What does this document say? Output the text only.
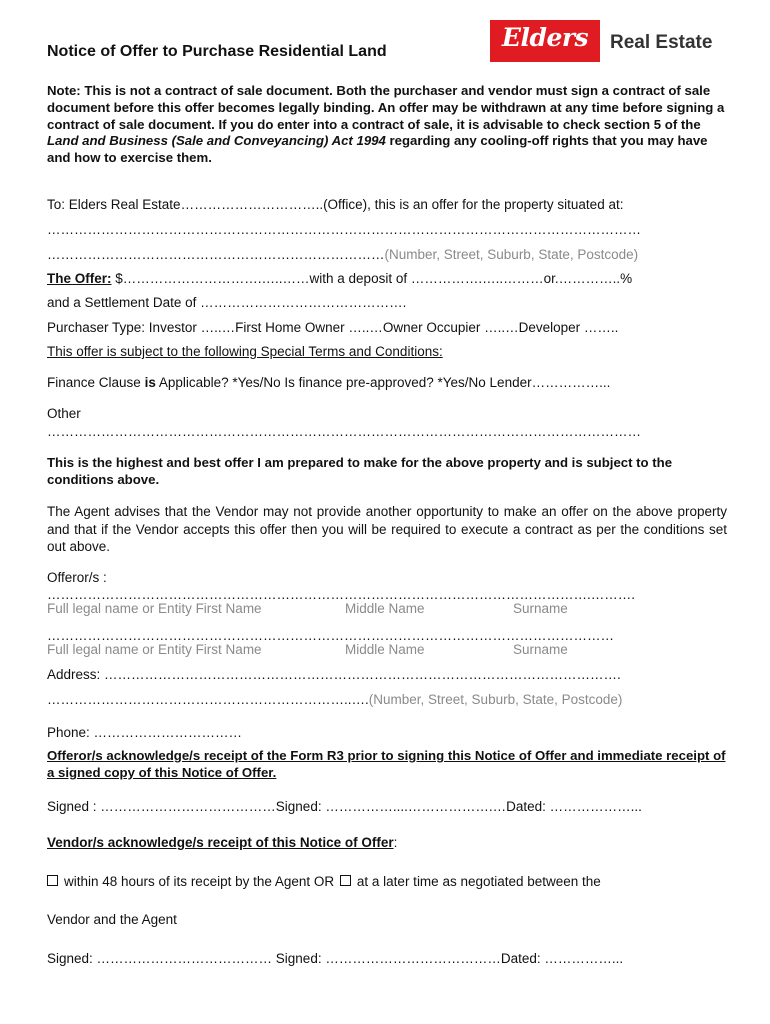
Elders	Real Estate
Notice of Offer to Purchase Residential Land
Note: This is not a contract of sale document. Both the purchaser and vendor must sign a contract of sale document before this offer becomes legally binding. An offer may be withdrawn at any time before signing a contract of sale document. If you do enter into a contract of sale, it is advisable to check section 5 of the Land and Business (Sale and Conveyancing) Act 1994 regarding any cooling-off rights that you may have and how to exercise them.
To: Elders Real Estate…………………………..(Office), this is an offer for the property situated at:
……………………………………………………………………………………………………………………
…………………………………………………………………(Number, Street, Suburb, State, Postcode)
The Offer: $………………………….…..……with a deposit of …………….…..………or.…………..%
and a Settlement Date of ……………………………………….
Purchaser Type: Investor …..…First Home Owner …..…Owner Occupier …..…Developer ……..
This offer is subject to the following Special Terms and Conditions:
Finance Clause is Applicable? *Yes/No Is finance pre-approved? *Yes/No Lender……………...
Other
……………………………………………………………………………………………………………………
This is the highest and best offer I am prepared to make for the above property and is subject to the conditions above.
The Agent advises that the Vendor may not provide another opportunity to make an offer on the above property and that if the Vendor accepts this offer then you will be required to execute a contract as per the conditions set out above.
Offeror/s :
………………………………………………………………………………………………………….……….
Full legal name or Entity First Name	Middle Name	Surname
………………………………………………………………………………………………………………
Full legal name or Entity First Name	Middle Name	Surname
Address: …………………………………………………………………………………………………….
…………………………………………………………..….(Number, Street, Suburb, State, Postcode)
Phone: ……………………………
Offeror/s acknowledge/s receipt of the Form R3 prior to signing this Notice of Offer and immediate receipt of a signed copy of this Notice of Offer.
Signed : …………………………………Signed: ……………....……………….…Dated: ………………...
Vendor/s acknowledge/s receipt of this Notice of Offer:
within 48 hours of its receipt by the Agent OR at a later time as negotiated between the
Vendor and the Agent
Signed: ………………………………… Signed: …………………………………Dated: ……………...
